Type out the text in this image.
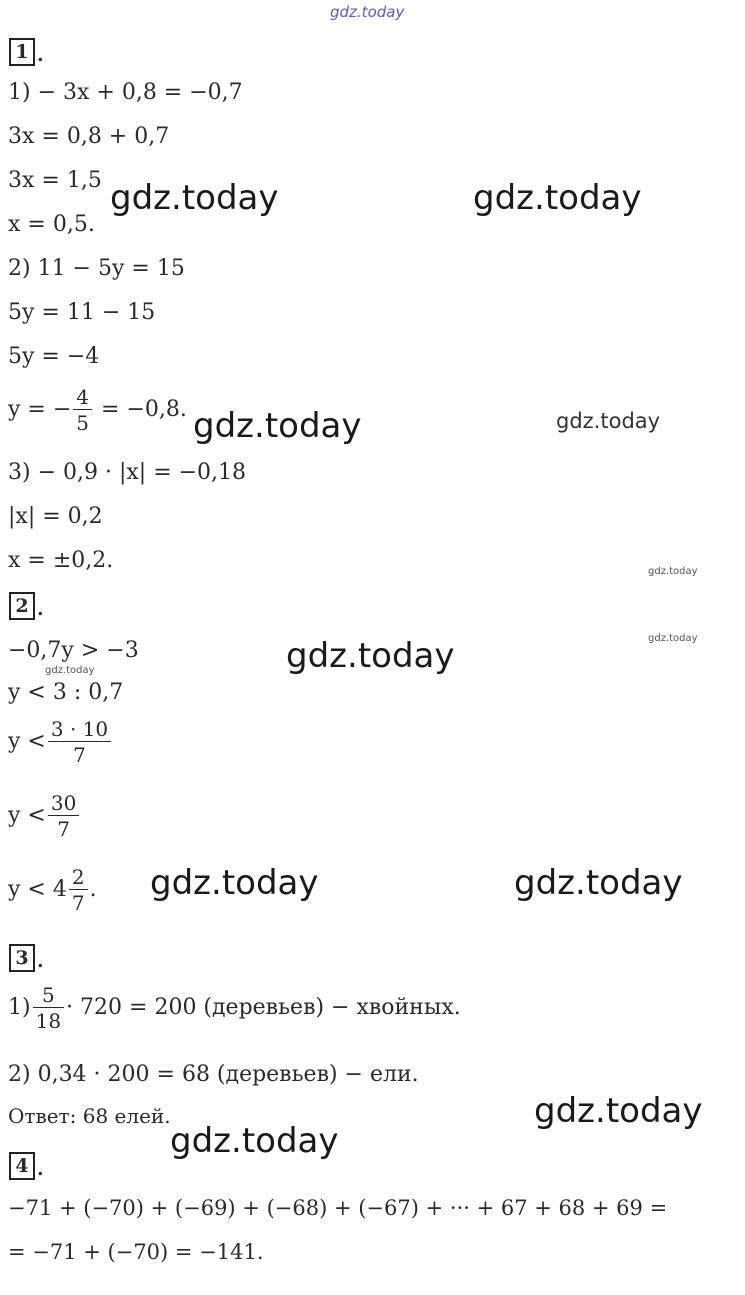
gdz.today
1 .
1) − 3x + 0,8 = −0,7
3x = 0,8 + 0,7
3x = 1,5
x = 0,5.
2) 11 − 5y = 15
5y = 11 − 15
5y = −4
y = − $\frac{4}{5} = -0,8$.
3) − 0,9 · |x| = −0,18
|x| = 0,2
x = ±0,2.
2 .
−0,7y > −3
y < 3 : 0,7
$y < \frac{3 \cdot 10}{7}$
$y < \frac{30}{7}$
$y < 4 \frac{2}{7}$ .
3 .
$1) \frac{5}{18} \cdot 720 = 200$ (деревьев) − хвойных.
2) 0,34 · 200 = 68 (деревьев) − ели.
Ответ: 68 елей.
4 .
−71 + (−70) + (−69) + (−68) + (−67) + ··· + 67 + 68 + 69 =
= −71 + (−70) = −141.
gdz.today	gdz.today
gdz.today	gdz.today
gdz.today
gdz.today
gdz.today
gdz.today
gdz.today	gdz.today
gdz.today
gdz.today
